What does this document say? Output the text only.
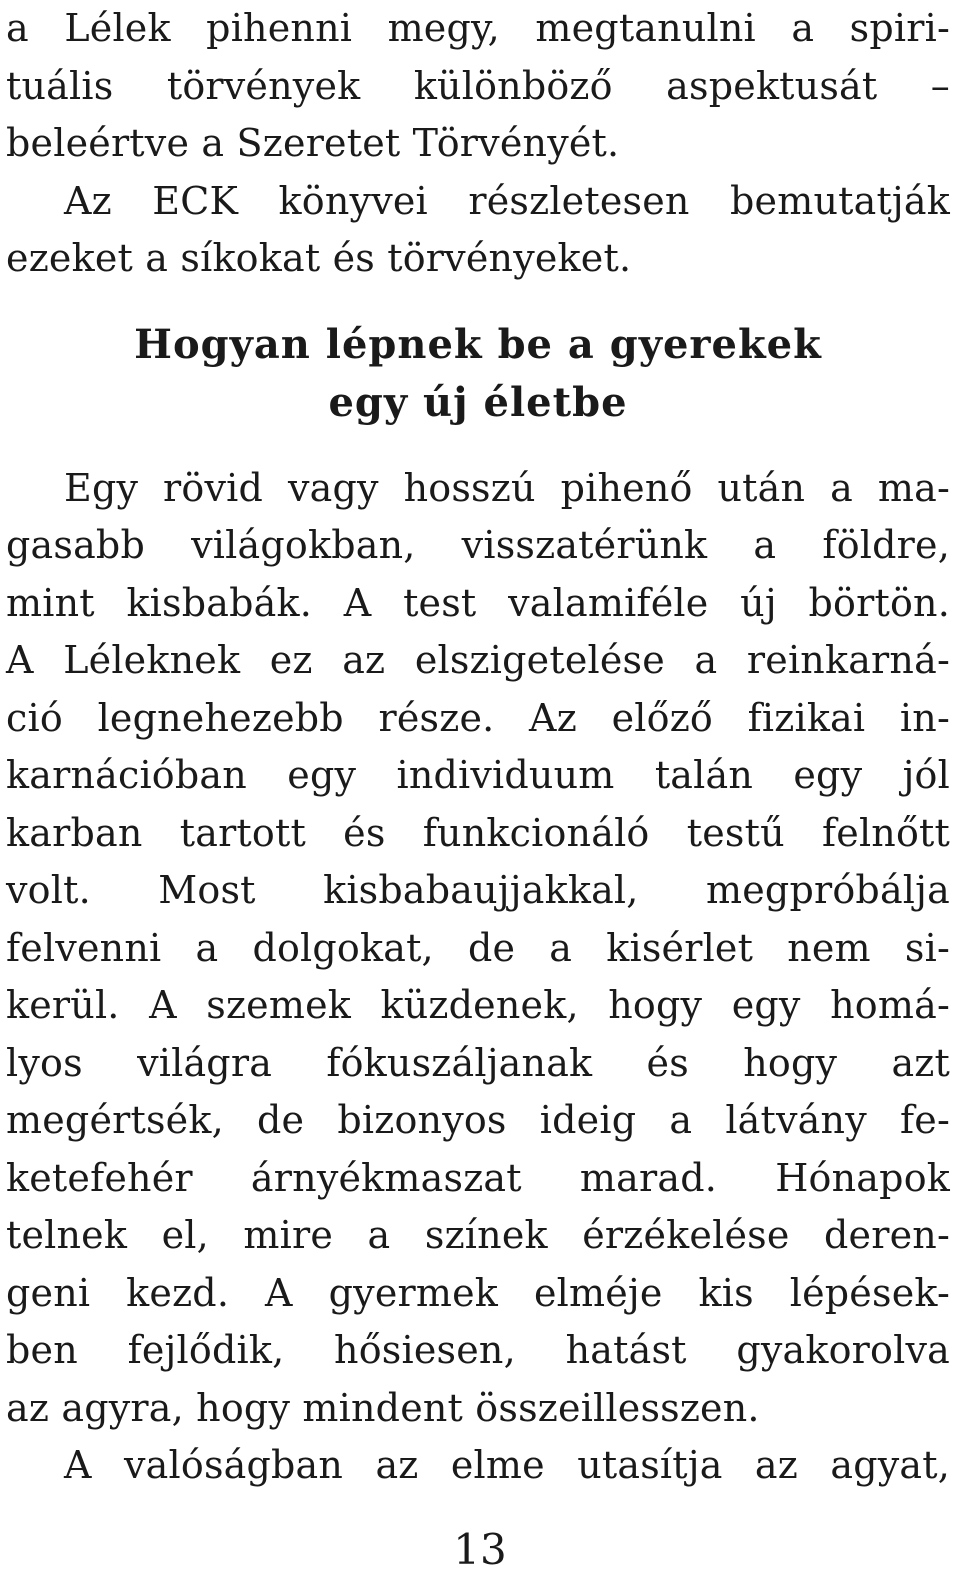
a Lélek pihenni megy, megtanulni a spiri-
tuális törvények különböző aspektusát –
beleértve a Szeretet Törvényét.
Az ECK könyvei részletesen bemutatják
ezeket a síkokat és törvényeket.
Hogyan lépnek be a gyerekek
egy új életbe
Egy rövid vagy hosszú pihenő után a ma-
gasabb világokban, visszatérünk a földre,
mint kisbabák. A test valamiféle új börtön.
A Léleknek ez az elszigetelése a reinkarná-
ció legnehezebb része. Az előző fizikai in-
karnációban egy individuum talán egy jól
karban tartott és funkcionáló testű felnőtt
volt. Most kisbabaujjakkal, megpróbálja
felvenni a dolgokat, de a kisérlet nem si-
kerül. A szemek küzdenek, hogy egy homá-
lyos világra fókuszáljanak és hogy azt
megértsék, de bizonyos ideig a látvány fe-
ketefehér árnyékmaszat marad. Hónapok
telnek el, mire a színek érzékelése deren-
geni kezd. A gyermek elméje kis lépések-
ben fejlődik, hősiesen, hatást gyakorolva
az agyra, hogy mindent összeillesszen.
A valóságban az elme utasítja az agyat,
13
